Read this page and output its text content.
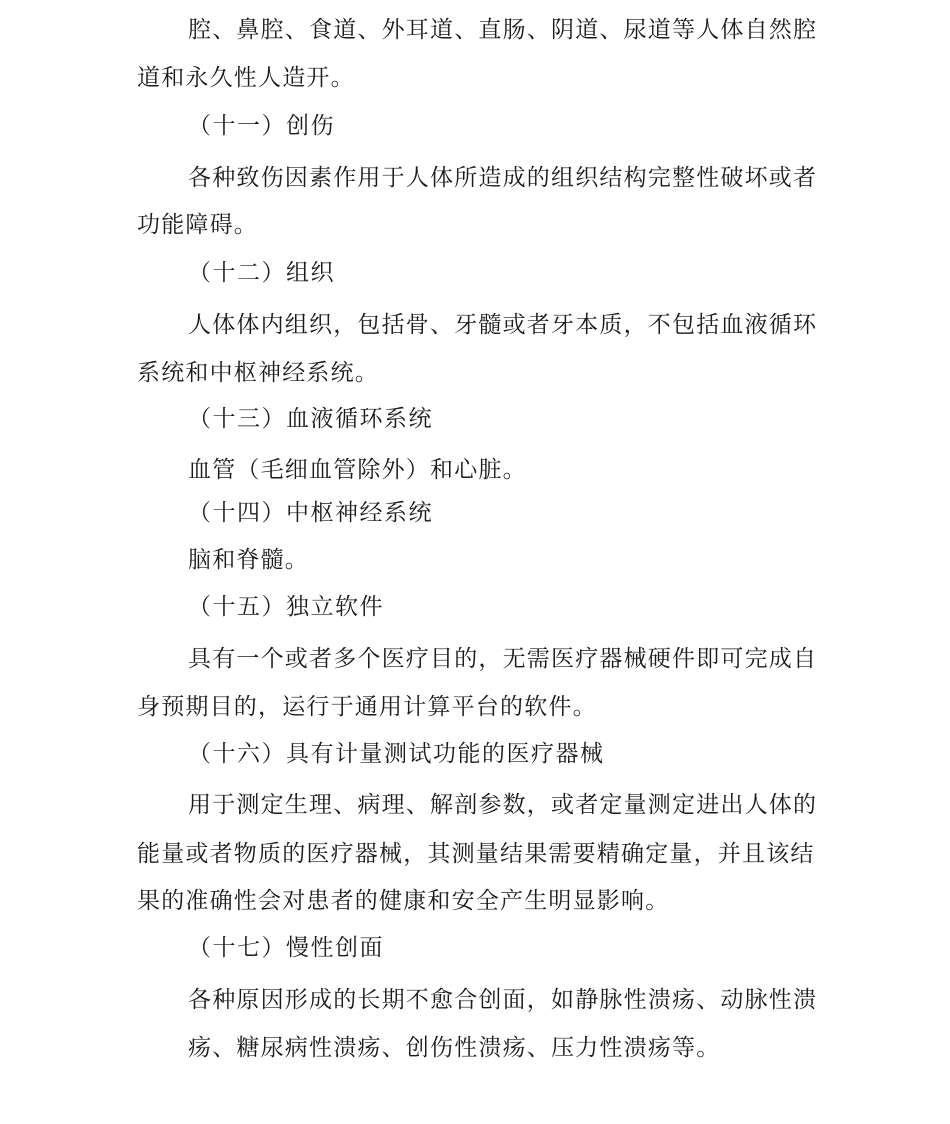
腔、鼻腔、食道、外耳道、直肠、阴道、尿道等人体自然腔
道和永久性人造开。
（十一）创伤
各种致伤因素作用于人体所造成的组织结构完整性破坏或者
功能障碍。
（十二）组织
人体体内组织，包括骨、牙髓或者牙本质，不包括血液循环
系统和中枢神经系统。
（十三）血液循环系统
血管（毛细血管除外）和心脏。
（十四）中枢神经系统
脑和脊髓。
（十五）独立软件
具有一个或者多个医疗目的，无需医疗器械硬件即可完成自
身预期目的，运行于通用计算平台的软件。
（十六）具有计量测试功能的医疗器械
用于测定生理、病理、解剖参数，或者定量测定进出人体的
能量或者物质的医疗器械，其测量结果需要精确定量，并且该结
果的准确性会对患者的健康和安全产生明显影响。
（十七）慢性创面
各种原因形成的长期不愈合创面，如静脉性溃疡、动脉性溃
疡、糖尿病性溃疡、创伤性溃疡、压力性溃疡等。
